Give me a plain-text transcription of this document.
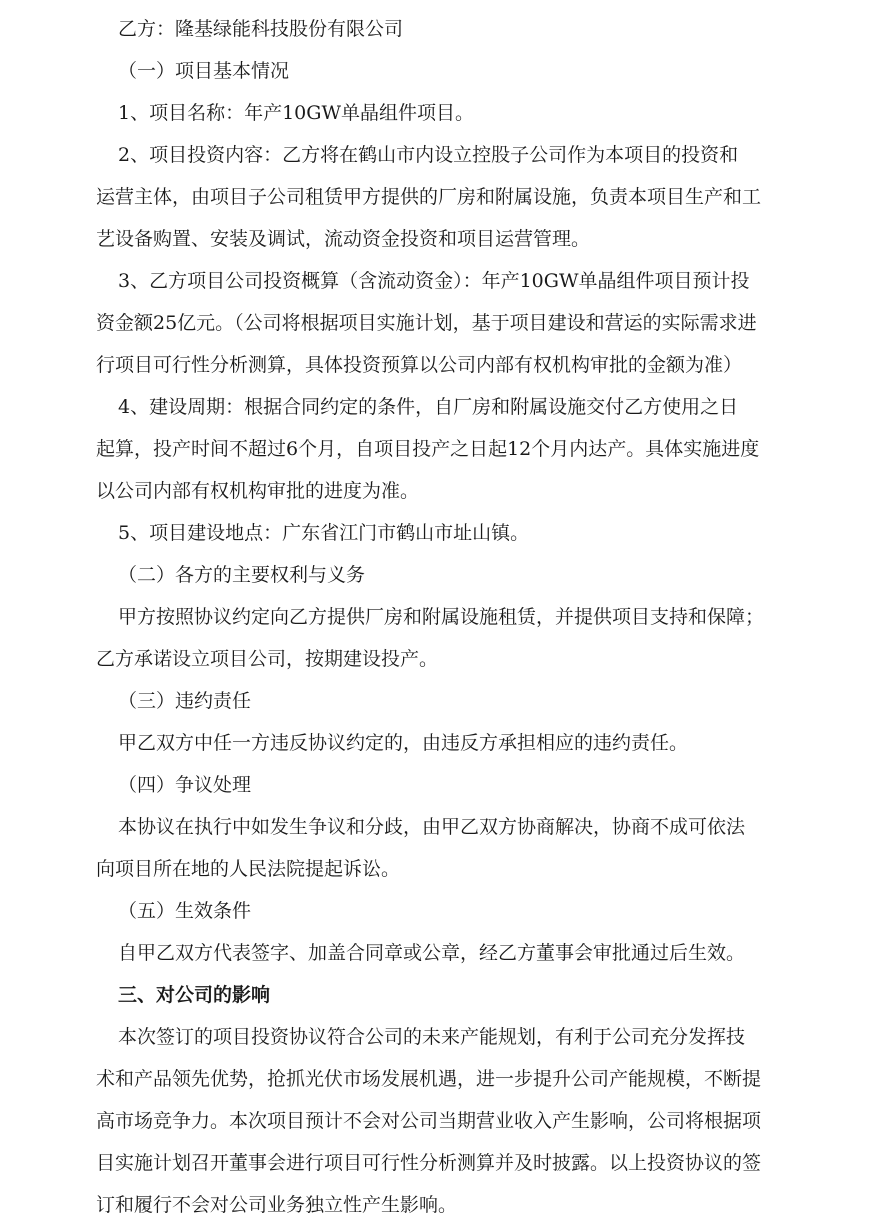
乙方：隆基绿能科技股份有限公司
（一）项目基本情况
1、项目名称：年产10GW单晶组件项目。
2、项目投资内容：乙方将在鹤山市内设立控股子公司作为本项目的投资和
运营主体，由项目子公司租赁甲方提供的厂房和附属设施，负责本项目生产和工
艺设备购置、安装及调试，流动资金投资和项目运营管理。
3、乙方项目公司投资概算（含流动资金）：年产10GW单晶组件项目预计投
资金额25亿元。（公司将根据项目实施计划，基于项目建设和营运的实际需求进
行项目可行性分析测算，具体投资预算以公司内部有权机构审批的金额为准）
4、建设周期：根据合同约定的条件，自厂房和附属设施交付乙方使用之日
起算，投产时间不超过6个月，自项目投产之日起12个月内达产。具体实施进度
以公司内部有权机构审批的进度为准。
5、项目建设地点：广东省江门市鹤山市址山镇。
（二）各方的主要权利与义务
甲方按照协议约定向乙方提供厂房和附属设施租赁，并提供项目支持和保障；
乙方承诺设立项目公司，按期建设投产。
（三）违约责任
甲乙双方中任一方违反协议约定的，由违反方承担相应的违约责任。
（四）争议处理
本协议在执行中如发生争议和分歧，由甲乙双方协商解决，协商不成可依法
向项目所在地的人民法院提起诉讼。
（五）生效条件
自甲乙双方代表签字、加盖合同章或公章，经乙方董事会审批通过后生效。
三、对公司的影响
本次签订的项目投资协议符合公司的未来产能规划，有利于公司充分发挥技
术和产品领先优势，抢抓光伏市场发展机遇，进一步提升公司产能规模，不断提
高市场竞争力。本次项目预计不会对公司当期营业收入产生影响，公司将根据项
目实施计划召开董事会进行项目可行性分析测算并及时披露。以上投资协议的签
订和履行不会对公司业务独立性产生影响。
